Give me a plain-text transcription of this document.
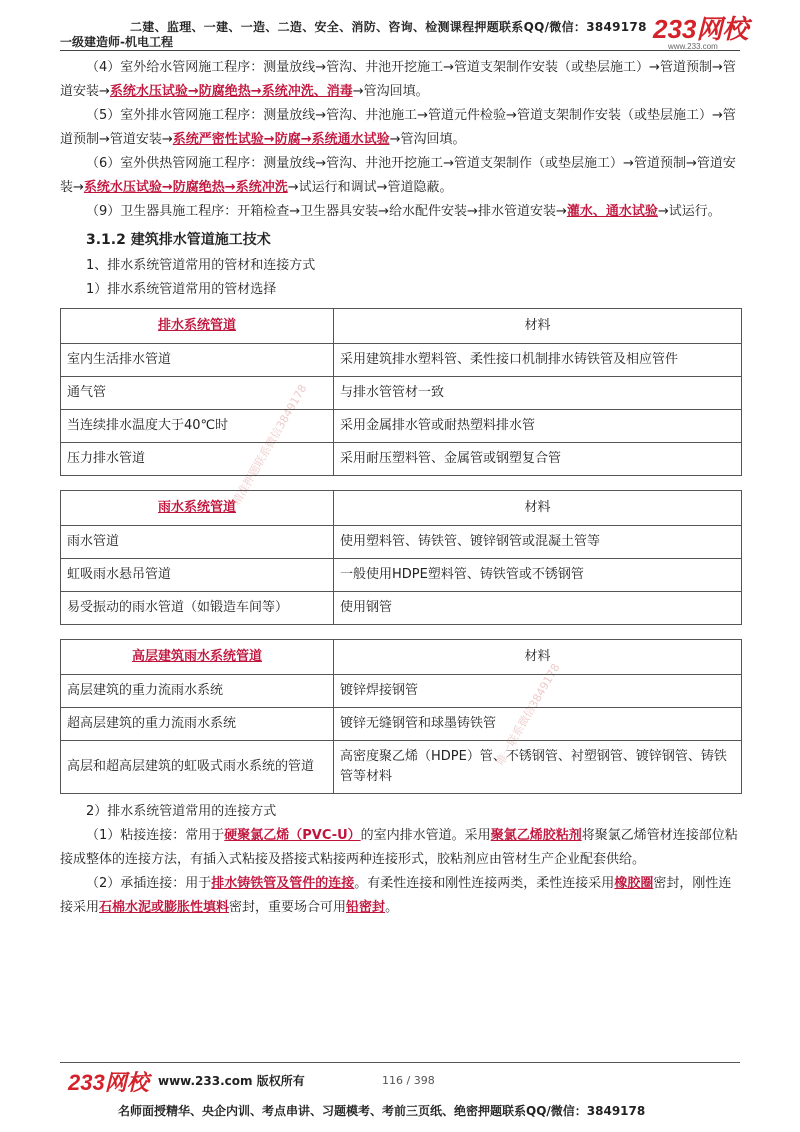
二建、监理、一建、一造、二造、安全、消防、咨询、检测课程押题联系QQ/微信：3849178
一级建造师-机电工程	233网校
www.233.com
精准押题联系微信3849178
唯一联系微信3849178

（4）室外给水管网施工程序：测量放线→管沟、井池开挖施工→管道支架制作安装（或垫层施工）→管道预制→管道安装→系统水压试验→防腐绝热→系统冲洗、消毒→管沟回填。

（5）室外排水管网施工程序：测量放线→管沟、井池施工→管道元件检验→管道支架制作安装（或垫层施工）→管道预制→管道安装→系统严密性试验→防腐→系统通水试验→管沟回填。

（6）室外供热管网施工程序：测量放线→管沟、井池开挖施工→管道支架制作（或垫层施工）→管道预制→管道安装→系统水压试验→防腐绝热→系统冲洗→试运行和调试→管道隐蔽。

（9）卫生器具施工程序：开箱检查→卫生器具安装→给水配件安装→排水管道安装→灌水、通水试验→试运行。

3.1.2 建筑排水管道施工技术

1、排水系统管道常用的管材和连接方式

1）排水系统管道常用的管材选择

排水系统管道	材料
室内生活排水管道	采用建筑排水塑料管、柔性接口机制排水铸铁管及相应管件
通气管	与排水管管材一致
当连续排水温度大于40℃时	采用金属排水管或耐热塑料排水管
压力排水管道	采用耐压塑料管、金属管或钢塑复合管
雨水系统管道	材料
雨水管道	使用塑料管、铸铁管、镀锌钢管或混凝土管等
虹吸雨水悬吊管道	一般使用HDPE塑料管、铸铁管或不锈钢管
易受振动的雨水管道（如锻造车间等）	使用钢管
高层建筑雨水系统管道	材料
高层建筑的重力流雨水系统	镀锌焊接钢管
超高层建筑的重力流雨水系统	镀锌无缝钢管和球墨铸铁管
高层和超高层建筑的虹吸式雨水系统的管道	高密度聚乙烯（HDPE）管、不锈钢管、衬塑钢管、镀锌钢管、铸铁管等材料

2）排水系统管道常用的连接方式

（1）粘接连接：常用于硬聚氯乙烯（PVC-U）的室内排水管道。采用聚氯乙烯胶粘剂将聚氯乙烯管材连接部位粘接成整体的连接方法，有插入式粘接及搭接式粘接两种连接形式，胶粘剂应由管材生产企业配套供给。

（2）承插连接：用于排水铸铁管及管件的连接。有柔性连接和刚性连接两类，柔性连接采用橡胶圈密封，刚性连接采用石棉水泥或膨胀性填料密封，重要场合可用铅密封。

233网校 www.233.com 版权所有	116 / 398
名师面授精华、央企内训、考点串讲、习题模考、考前三页纸、绝密押题联系QQ/微信：3849178
